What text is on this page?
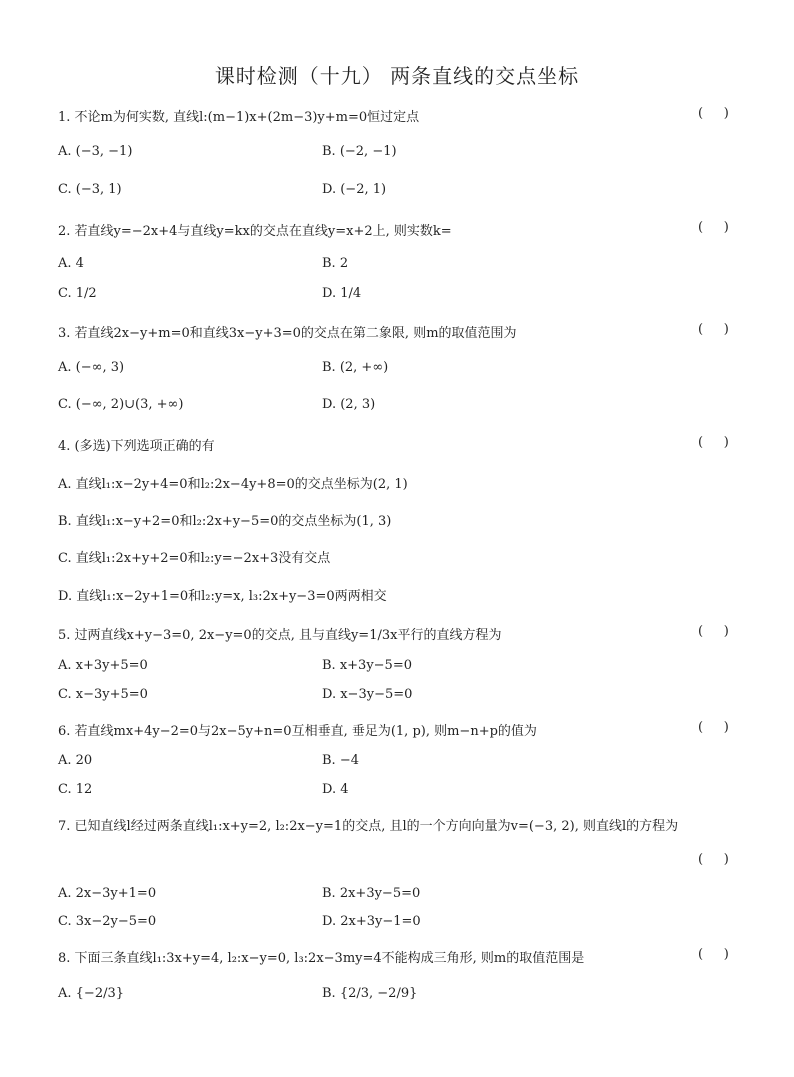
课时检测（十九） 两条直线的交点坐标
1. 不论m为何实数, 直线l:(m−1)x+(2m−3)y+m=0恒过定点	(     )
A. (−3, −1)	B. (−2, −1)
C. (−3, 1)	D. (−2, 1)
2. 若直线y=−2x+4与直线y=kx的交点在直线y=x+2上, 则实数k=	(     )
A. 4	B. 2
C. 1/2	D. 1/4
3. 若直线2x−y+m=0和直线3x−y+3=0的交点在第二象限, 则m的取值范围为	(     )
A. (−∞, 3)	B. (2, +∞)
C. (−∞, 2)∪(3, +∞)	D. (2, 3)
4. (多选)下列选项正确的有	(     )
A. 直线l₁:x−2y+4=0和l₂:2x−4y+8=0的交点坐标为(2, 1)
B. 直线l₁:x−y+2=0和l₂:2x+y−5=0的交点坐标为(1, 3)
C. 直线l₁:2x+y+2=0和l₂:y=−2x+3没有交点
D. 直线l₁:x−2y+1=0和l₂:y=x, l₃:2x+y−3=0两两相交
5. 过两直线x+y−3=0, 2x−y=0的交点, 且与直线y=1/3x平行的直线方程为	(     )
A. x+3y+5=0	B. x+3y−5=0
C. x−3y+5=0	D. x−3y−5=0
6. 若直线mx+4y−2=0与2x−5y+n=0互相垂直, 垂足为(1, p), 则m−n+p的值为	(     )
A. 20	B. −4
C. 12	D. 4
7. 已知直线l经过两条直线l₁:x+y=2, l₂:2x−y=1的交点, 且l的一个方向向量为v=(−3, 2), 则直线l的方程为
(     )
A. 2x−3y+1=0	B. 2x+3y−5=0
C. 3x−2y−5=0	D. 2x+3y−1=0
8. 下面三条直线l₁:3x+y=4, l₂:x−y=0, l₃:2x−3my=4不能构成三角形, 则m的取值范围是	(     )
A. {−2/3}	B. {2/3, −2/9}
